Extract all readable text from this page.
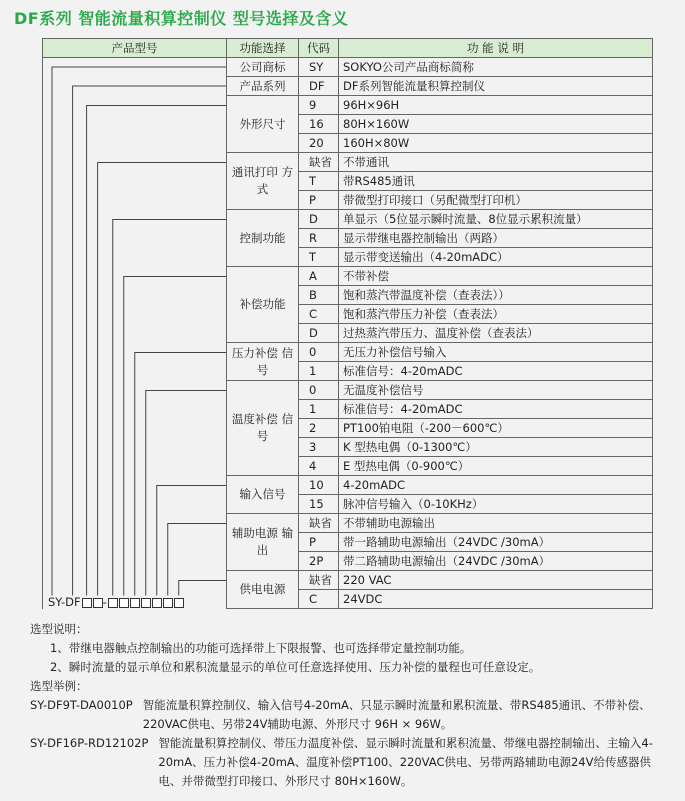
DF系列 智能流量积算控制仪 型号选择及含义
产品型号	功能选择	代码	功 能 说 明
	公司商标	SY	SOKYO公司产品商标简称
	产品系列	DF	DF系列智能流量积算控制仪
	外形尺寸	9	96H×96H
		16	80H×160W
		20	160H×80W
	通讯打印 方 式	缺省	不带通讯
		T	带RS485通讯
		P	带微型打印接口（另配微型打印机）
	控制功能	D	单显示（5位显示瞬时流量、8位显示累积流量）
		R	显示带继电器控制输出（两路）
		T	显示带变送输出（4-20mADC）
	补偿功能	A	不带补偿
		B	饱和蒸汽带温度补偿（查表法））
		C	饱和蒸汽带压力补偿（查表法）
		D	过热蒸汽带压力、温度补偿（查表法）
	压力补偿 信 号	0	无压力补偿信号输入
		1	标准信号：4-20mADC
	温度补偿 信 号	0	无温度补偿信号
		1	标准信号：4-20mADC
		2	PT100铂电阻（-200－600℃）
		3	K 型热电偶（0-1300℃）
		4	E 型热电偶（0-900℃）
	输入信号	10	4-20mADC
		15	脉冲信号输入（0-10KHz）
	辅助电源 输 出	缺省	不带辅助电源输出
		P	带一路辅助电源输出（24VDC /30mA）
		2P	带二路辅助电源输出（24VDC /30mA）
	供电电源	缺省	220 VAC
		C	24VDC
SY-DF -
选型说明：
1、带继电器触点控制输出的功能可选择带上下限报警、也可选择带定量控制功能。
2、瞬时流量的显示单位和累积流量显示的单位可任意选择使用、压力补偿的量程也可任意设定。
选型举例：
SY-DF9T-DA0010P 智能流量积算控制仪、输入信号4-20mA、只显示瞬时流量和累积流量、带RS485通讯、不带补偿、220VAC供电、另带24V辅助电源、外形尺寸 96H × 96W。
SY-DF16P-RD12102P 智能流量积算控制仪、带压力温度补偿、显示瞬时流量和累积流量、带继电器控制输出、主输入4-20mA、压力补偿4-20mA、温度补偿PT100、220VAC供电、另带两路辅助电源24V给传感器供电、并带微型打印接口、外形尺寸 80H×160W。
